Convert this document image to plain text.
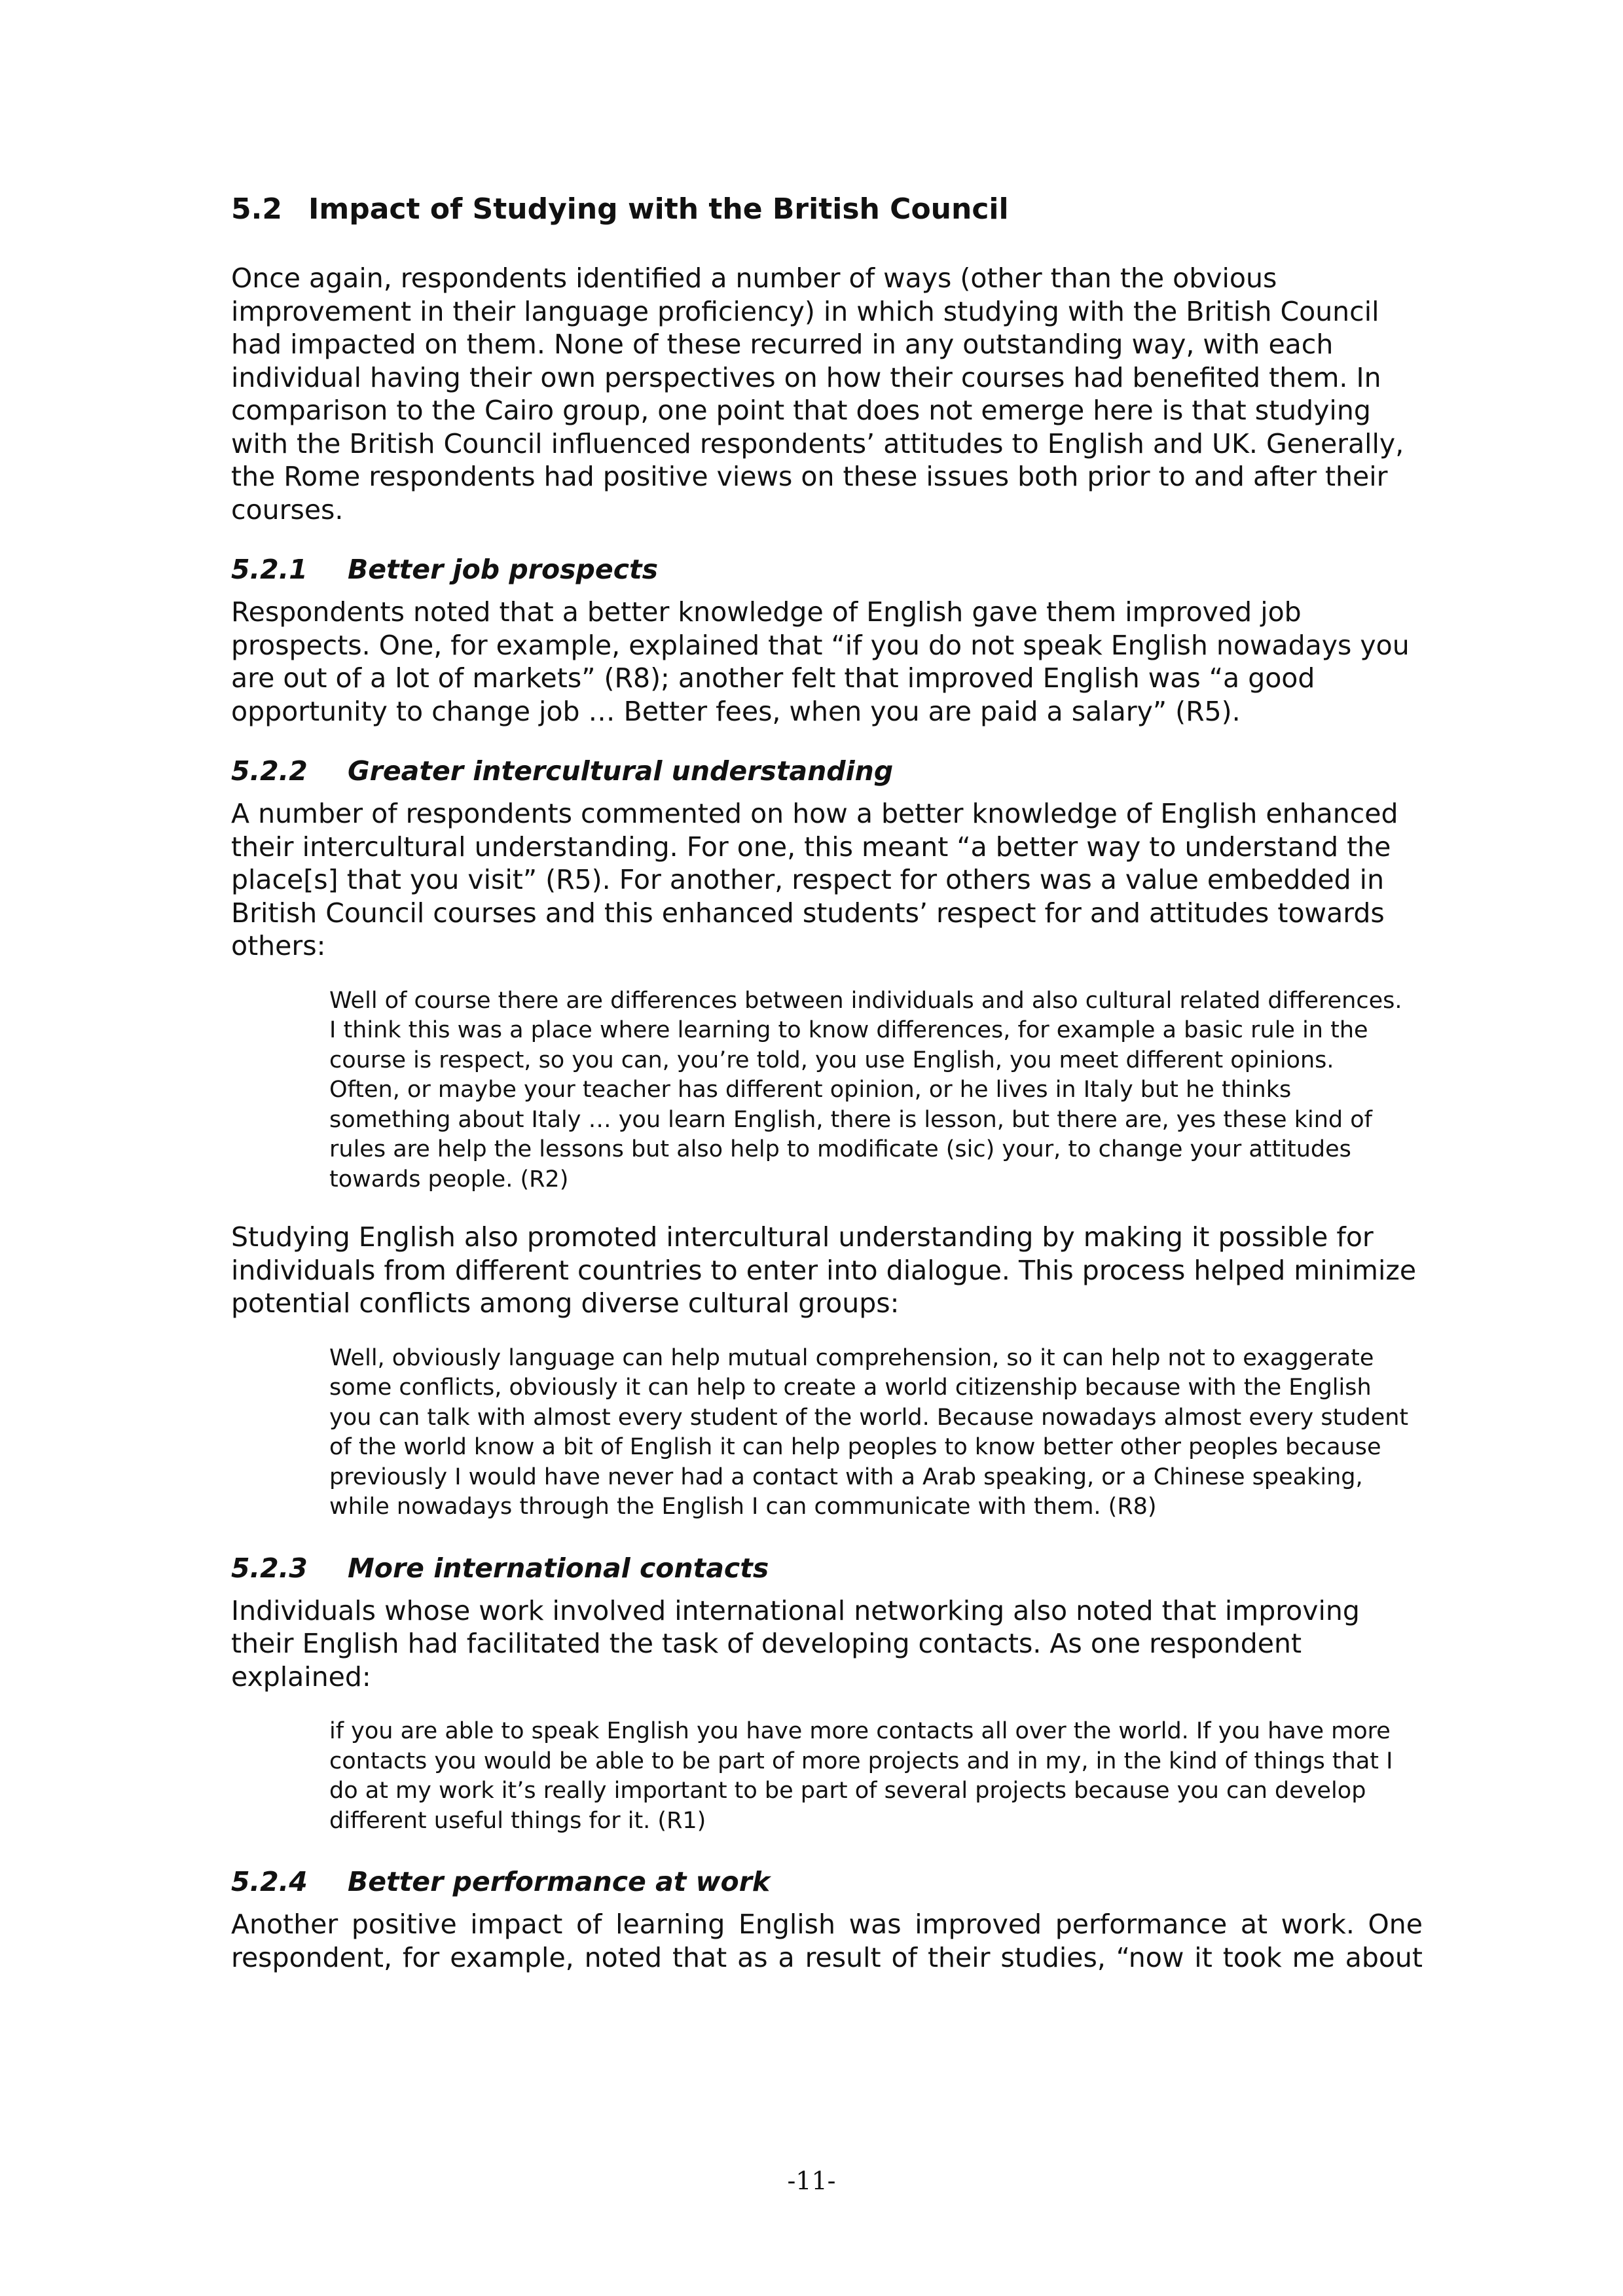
5.2 Impact of Studying with the British Council

Once again, respondents identified a number of ways (other than the obvious improvement in their language proficiency) in which studying with the British Council had impacted on them. None of these recurred in any outstanding way, with each individual having their own perspectives on how their courses had benefited them. In comparison to the Cairo group, one point that does not emerge here is that studying with the British Council influenced respondents’ attitudes to English and UK. Generally, the Rome respondents had positive views on these issues both prior to and after their courses.

5.2.1 Better job prospects

Respondents noted that a better knowledge of English gave them improved job prospects. One, for example, explained that “if you do not speak English nowadays you are out of a lot of markets” (R8); another felt that improved English was “a good opportunity to change job … Better fees, when you are paid a salary” (R5).

5.2.2 Greater intercultural understanding

A number of respondents commented on how a better knowledge of English enhanced their intercultural understanding. For one, this meant “a better way to understand the place[s] that you visit” (R5). For another, respect for others was a value embedded in British Council courses and this enhanced students’ respect for and attitudes towards others:

Well of course there are differences between individuals and also cultural related differences. I think this was a place where learning to know differences, for example a basic rule in the course is respect, so you can, you’re told, you use English, you meet different opinions. Often, or maybe your teacher has different opinion, or he lives in Italy but he thinks something about Italy … you learn English, there is lesson, but there are, yes these kind of rules are help the lessons but also help to modificate (sic) your, to change your attitudes towards people. (R2)

Studying English also promoted intercultural understanding by making it possible for individuals from different countries to enter into dialogue. This process helped minimize potential conflicts among diverse cultural groups:

Well, obviously language can help mutual comprehension, so it can help not to exaggerate some conflicts, obviously it can help to create a world citizenship because with the English you can talk with almost every student of the world. Because nowadays almost every student of the world know a bit of English it can help peoples to know better other peoples because previously I would have never had a contact with a Arab speaking, or a Chinese speaking, while nowadays through the English I can communicate with them. (R8)

5.2.3 More international contacts

Individuals whose work involved international networking also noted that improving their English had facilitated the task of developing contacts. As one respondent explained:

if you are able to speak English you have more contacts all over the world. If you have more contacts you would be able to be part of more projects and in my, in the kind of things that I do at my work it’s really important to be part of several projects because you can develop different useful things for it. (R1)

5.2.4 Better performance at work

Another positive impact of learning English was improved performance at work. One respondent, for example, noted that as a result of their studies, “now it took me about

-11-
